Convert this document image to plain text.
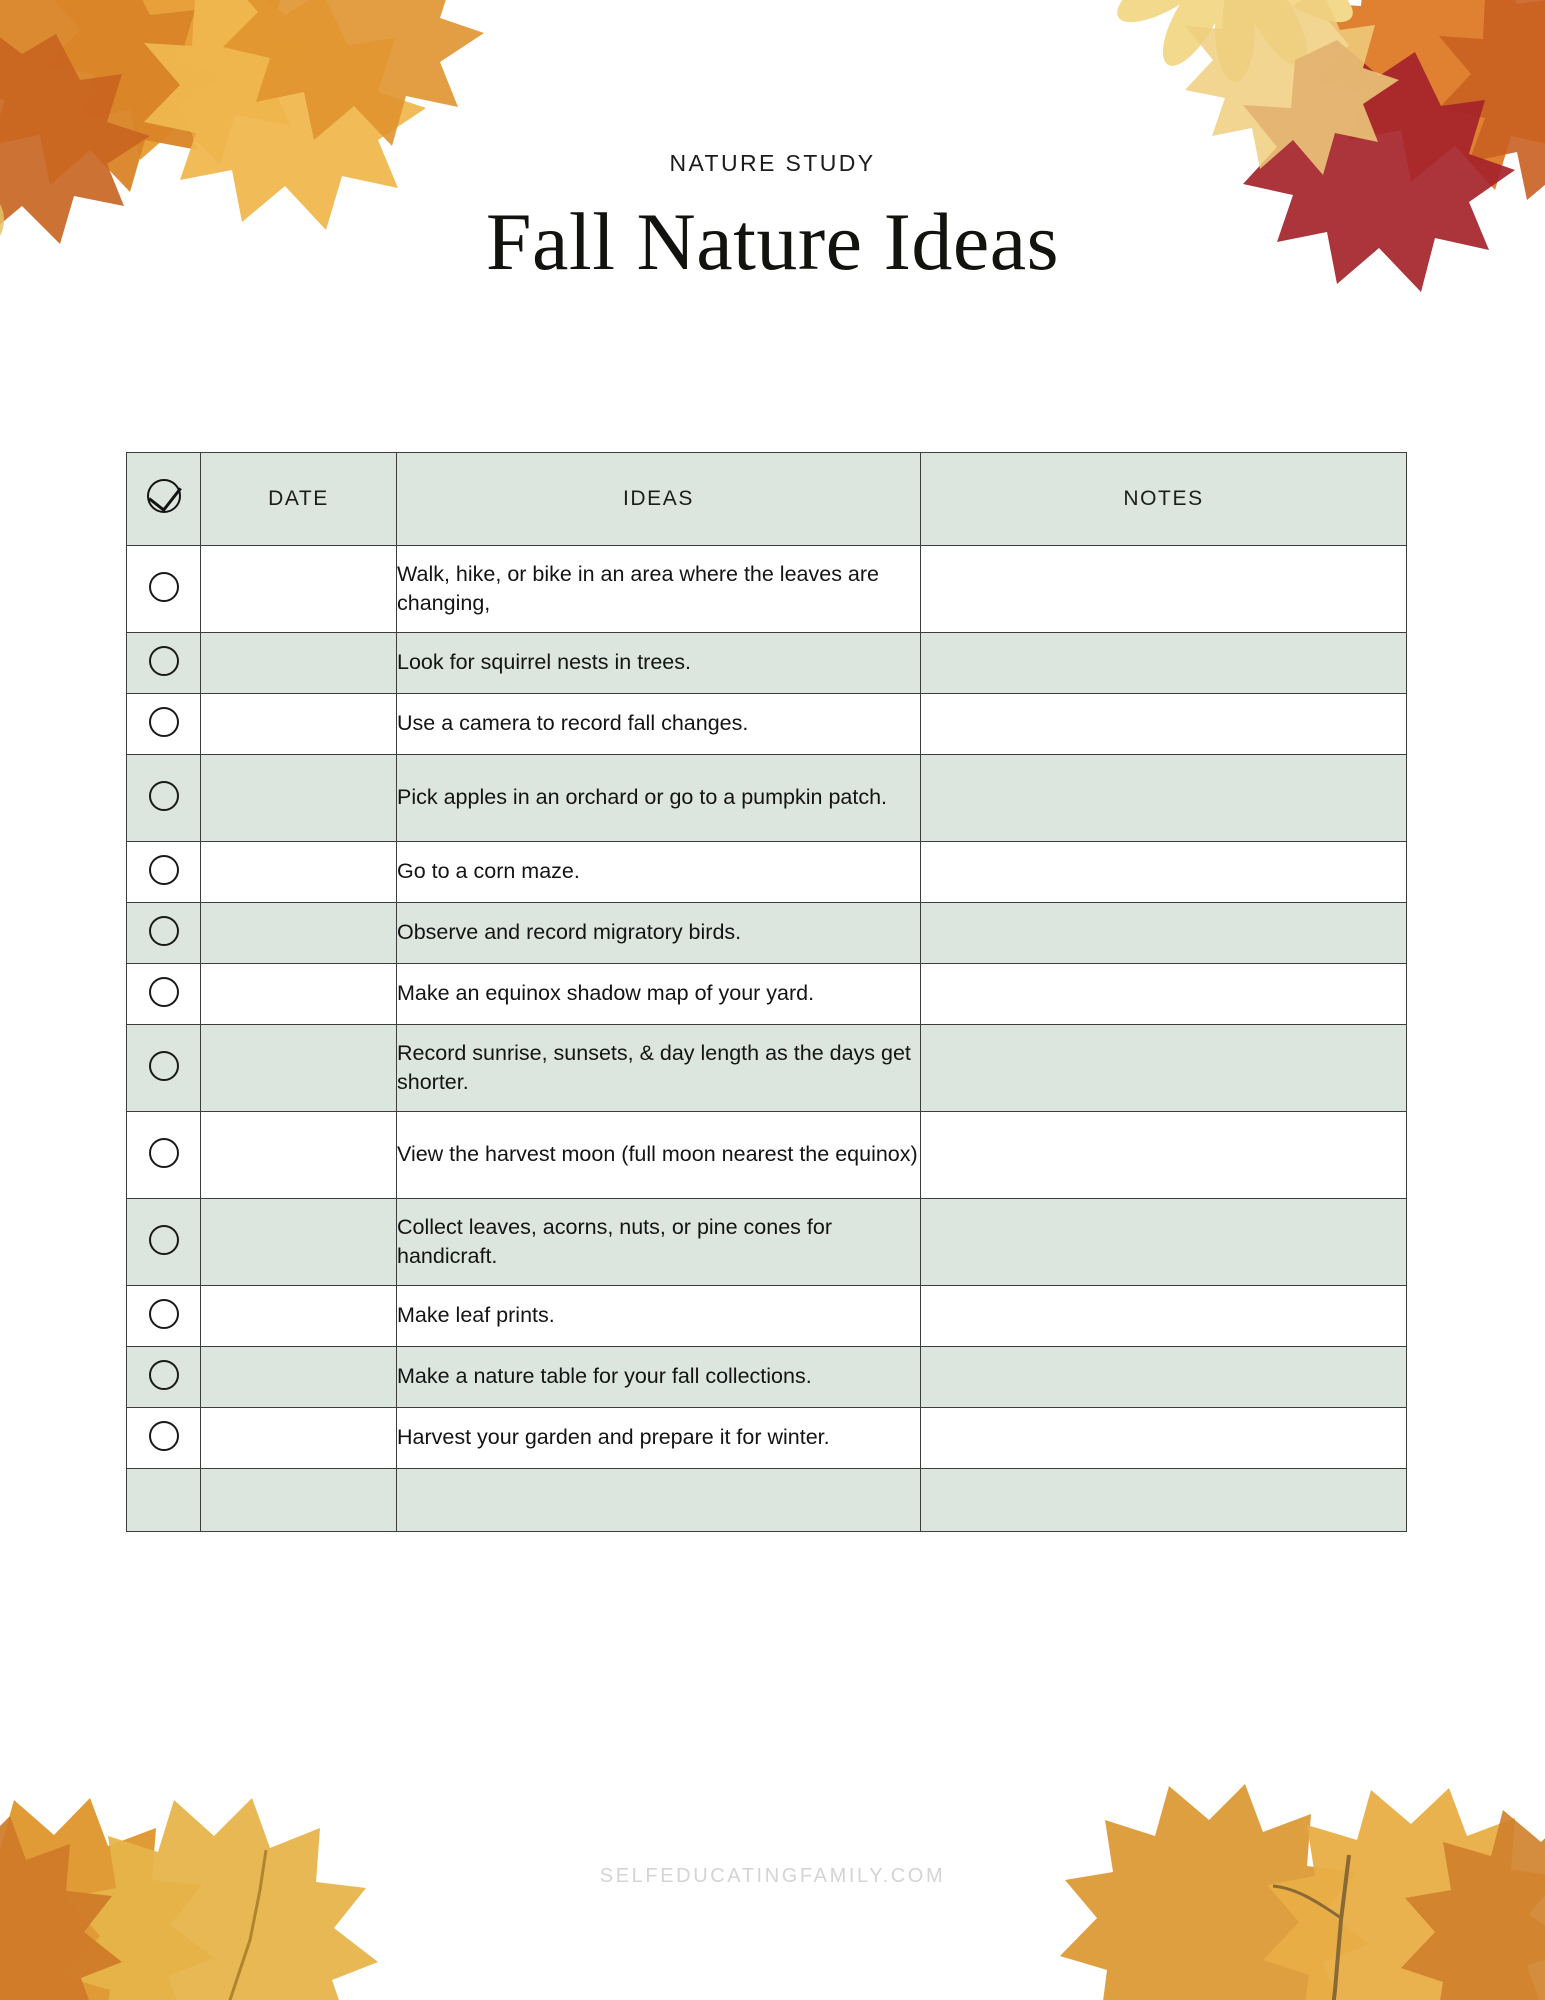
NATURE STUDY

Fall Nature Ideas
	DATE	IDEAS	NOTES
		Walk, hike, or bike in an area where the leaves are changing,	
		Look for squirrel nests in trees.	
		Use a camera to record fall changes.	
		Pick apples in an orchard or go to a pumpkin patch.	
		Go to a corn maze.	
		Observe and record migratory birds.	
		Make an equinox shadow map of your yard.	
		Record sunrise, sunsets, & day length as the days get shorter.	
		View the harvest moon (full moon nearest the equinox)	
		Collect leaves, acorns, nuts, or pine cones for handicraft.	
		Make leaf prints.	
		Make a nature table for your fall collections.	
		Harvest your garden and prepare it for winter.	

SELFEDUCATINGFAMILY.COM
